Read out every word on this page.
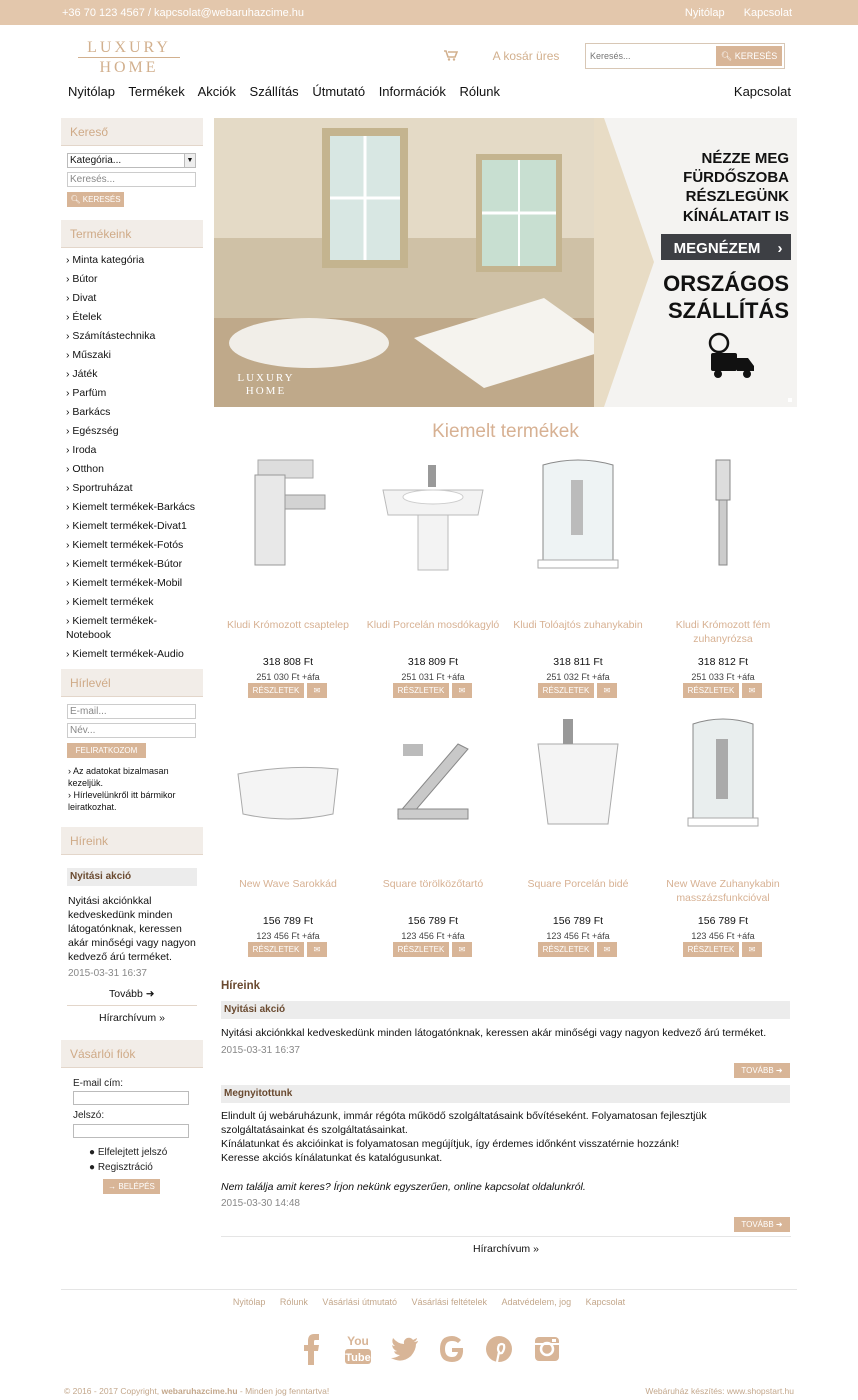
+36 70 123 4567 / kapcsolat@webaruhazcime.hu	Nyitólap Kapcsolat
LUXURY
HOME
A kosár üres
Keresés...	🔍︎ KERESÉS
Nyitólap Termékek Akciók Szállítás Útmutató Információk Rólunk	Kapcsolat
Kereső
Kategória...	▼
Keresés...
🔍︎ KERESÉS
Termékeink
› Minta kategória
› Bútor
› Divat
› Ételek
› Számítástechnika
› Műszaki
› Játék
› Parfüm
› Barkács
› Egészség
› Iroda
› Otthon
› Sportruházat
› Kiemelt termékek-Barkács
› Kiemelt termékek-Divat1
› Kiemelt termékek-Fotós
› Kiemelt termékek-Bútor
› Kiemelt termékek-Mobil
› Kiemelt termékek
› Kiemelt termékek-
Notebook
› Kiemelt termékek-Audio
Hírlevél
E-mail...
Név...
FELIRATKOZOM
› Az adatokat bizalmasan kezeljük.
› Hírlevelünkről itt bármikor leiratkozhat.
Híreink
Nyitási akció
Nyitási akciónkkal kedveskedünk minden látogatónknak, keressen akár minőségi vagy nagyon kedvező árú terméket.
2015-03-31 16:37
Tovább ➜
Hírarchívum »
Vásárlói fiók
E-mail cím:
Jelszó:
● Elfelejtett jelszó
● Regisztráció
→ BELÉPÉS
NÉZZE MEG
FÜRDŐSZOBA
RÉSZLEGÜNK
KÍNÁLATAIT IS
MEGNÉZEM ›
ORSZÁGOS
SZÁLLÍTÁS
LUXURY
HOME
Kiemelt termékek
Kludi Krómozott csaptelep
318 808 Ft
251 030 Ft +áfa
RÉSZLETEK	✉︎
Kludi Porcelán mosdókagyló
318 809 Ft
251 031 Ft +áfa
RÉSZLETEK	✉︎
Kludi Tolóajtós zuhanykabin
318 811 Ft
251 032 Ft +áfa
RÉSZLETEK	✉︎
Kludi Krómozott fém zuhanyrózsa
318 812 Ft
251 033 Ft +áfa
RÉSZLETEK	✉︎
New Wave Sarokkád
156 789 Ft
123 456 Ft +áfa
RÉSZLETEK	✉︎
Square törölközőtartó
156 789 Ft
123 456 Ft +áfa
RÉSZLETEK	✉︎
Square Porcelán bidé
156 789 Ft
123 456 Ft +áfa
RÉSZLETEK	✉︎
New Wave Zuhanykabin masszázsfunkcióval
156 789 Ft
123 456 Ft +áfa
RÉSZLETEK	✉︎
Híreink
Nyitási akció
Nyitási akciónkkal kedveskedünk minden látogatónknak, keressen akár minőségi vagy nagyon kedvező árú terméket.
2015-03-31 16:37
TOVÁBB ➜
Megnyitottunk
Elindult új webáruházunk, immár régóta működő szolgáltatásaink bővítéseként. Folyamatosan fejlesztjük szolgáltatásainkat és szolgáltatásainkat.
Kínálatunkat és akcióinkat is folyamatosan megújítjuk, így érdemes időnként visszatérnie hozzánk!
Keresse akciós kínálatunkat és katalógusunkat.
Nem találja amit keres? Írjon nekünk egyszerűen, online kapcsolat oldalunkról.
2015-03-30 14:48
TOVÁBB ➜
Hírarchívum »
Nyitólap Rólunk Vásárlási útmutató Vásárlási feltételek Adatvédelem, jog Kapcsolat
You
Tube
© 2016 - 2017 Copyright, webaruhazcime.hu - Minden jog fenntartva!	Webáruház készítés: www.shopstart.hu
